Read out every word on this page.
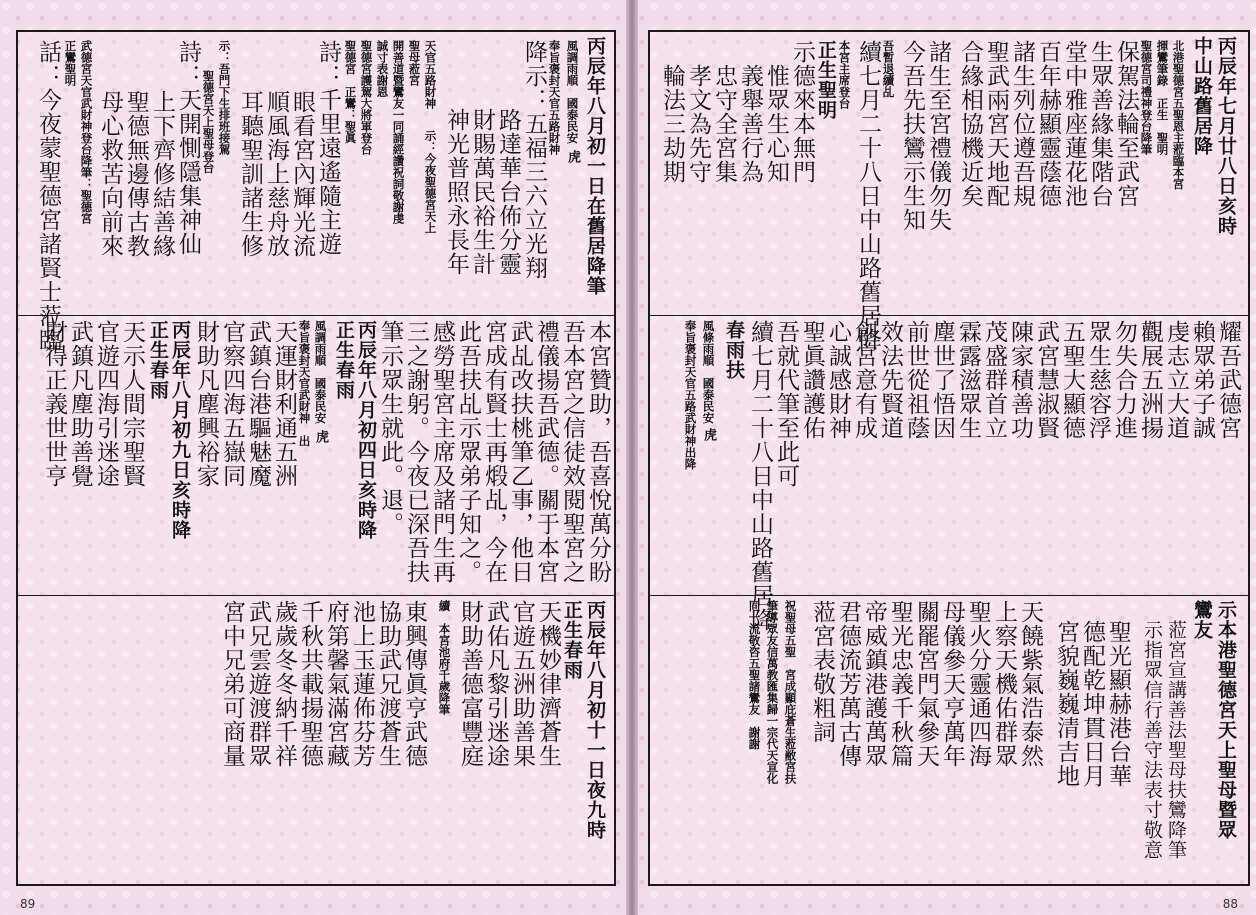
丙辰年八月初一日在舊居降筆
風調雨順　國泰民安
虎
奉旨褒封天官五路財神
降示：五福三六立光翔
路達華台佈分靈
財賜萬民裕生計
神光普照永長年
天官五路財神
示：今夜聖德宮天上
聖母蒞宮
開善道暨鸞友一同誦經讚祝詞敬謝虔
誠寸表謝恩
聖德宮護駕大將軍登台
聖德宮　正鸞：聖眞
詩：千里遠遙隨主遊
眼看宮內輝光流
順風海上慈舟放
耳聽聖訓諸生修
示：吾門下生排班接駕
聖德宮天上聖母登台
詩：天開惻隱集神仙
上下齊修結善緣
聖德無邊傳古教
母心救苦向前來
武德宮天官武財神登台降筆：聖德宮
正鸞聖明
話：今夜蒙聖德宮諸賢士蒞臨
本宮贊助，吾喜悅萬分盼
吾本宮之信徒效閱聖宮之
禮儀揚吾武德。關于本宮
武乩改扶桃筆乙事，他日
宮成有賢士再煅乩，今在
此吾扶乩示眾弟子知之。
感勞聖宮主席及諸門生再
三之謝躬。今夜已深吾扶
筆示眾生就此。退。
丙辰年八月初四日亥時降
正生春雨
風調雨順　國泰民安
虎
奉旨褒封天官武財神　出
天運財利通五洲
武鎮台港驅魅魔
官察四海五嶽同
財助凡塵興裕家
丙辰年八月初九日亥時降
正生春雨
天示人間宗聖賢
官遊四海引迷途
武鎮凡塵助善覺
財得正義世世亨
丙辰年八月初十一日夜九時
正生春雨
天機妙律濟蒼生
官遊五洲助善果
武佑凡黎引迷途
財助善德富豐庭
續　本宮池府千歲降筆
東興傳眞亨武德
協助武兄渡蒼生
池上玉蓮佈芬芳
府第馨氣滿宮藏
千秋共載揚聖德
歲歲冬冬納千祥
武兄雲遊渡群眾
宮中兄弟可商量
89
丙辰年七月廿八日亥時
中山路舊居降
北港聖德宮五聖恩主蒞臨本宮
揮鸞筆錄　正生　聖明
聖德宮司禮神登台降筆
保駕法輪至武宮
生眾善緣集階台
堂中雅座蓮花池
百年赫顯靈蔭德
諸生列位遵吾規
聖武兩宮天地配
合緣相協機近矣
諸生至宮禮儀勿失
今吾先扶鸞示生知
吾暫退續乩
續七月二十八日中山路舊居降
本宮主席登台
正生聖明
示德來本無門
惟眾生心知
義舉善行為
忠守全宮集
孝文為先守
輪法三劫期
耀吾武德宮
賴眾弟子誠
虔志立大道
觀展五洲揚
勿失合力進
眾生慈容浮
五聖大顯德
武宮慧淑賢
陳家積善功
茂盛群首立
霖露滋眾生
塵世了悟因
前世從祖蔭
效法先賢道
創宮意有成
心誠感財神
聖眞讚護佑
吾就代筆至此可
續七月二十八日中山路舊居降
春雨扶
風條雨順　國泰民安
虎
奉旨褒封天官五路武財神出降
示本港聖德宮天上聖母暨眾
鸞友
蒞宮宣講善法聖母扶鸞降筆
示指眾信行善守法表寸敬意
聖光顯赫港台華
德配乾坤貫日月
宮貌巍巍清吉地
天饒紫氣浩泰然
上察天機佑群眾
聖火分靈通四海
母儀參天亨萬年
關罷宮門氣參天
聖光忠義千秋篇
帝威鎮港護萬眾
君德流芳萬古傳
蒞宮表敬粗詞
祝聖母五聖　宮成顯庇蒼生蒞敝宮扶
筆導眾友信萬教匯集歸一宗代天宣化
同一流敬咨五聖諸鸞友　謝謝
88
